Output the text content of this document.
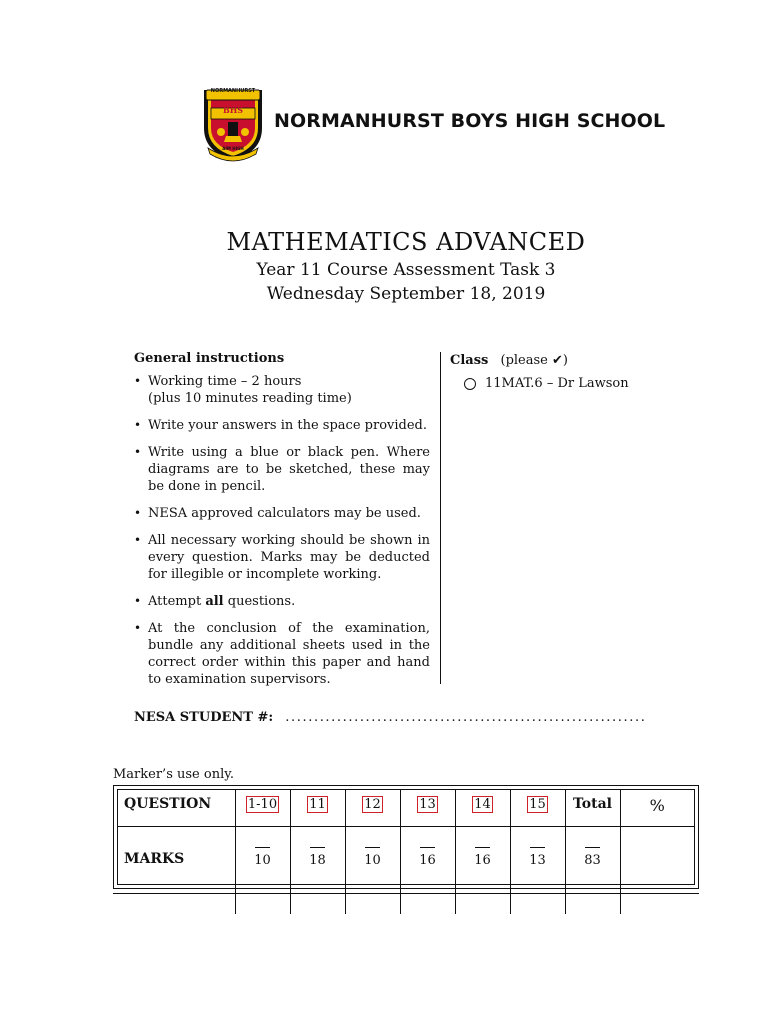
NORMANHURST
BHS
AIM HIGH
NORMANHURST BOYS HIGH SCHOOL
MATHEMATICS ADVANCED
Year 11 Course Assessment Task 3
Wednesday September 18, 2019
General instructions
• Working time – 2 hours
(plus 10 minutes reading time)
• Write your answers in the space provided.
• Write using a blue or black pen. Where diagrams are to be sketched, these may be done in pencil.
• NESA approved calculators may be used.
• All necessary working should be shown in every question. Marks may be deducted for illegible or incomplete working.
• Attempt all questions.
• At the conclusion of the examination, bundle any additional sheets used in the correct order within this paper and hand to examination supervisors.
Class (please ✔)
11MAT.6 – Dr Lawson
NESA STUDENT #: ...............................................................
Marker’s use only.
QUESTION	1-10	11	12	13	14	15	Total	%
MARKS	10	18	10	16	16	13	83	
